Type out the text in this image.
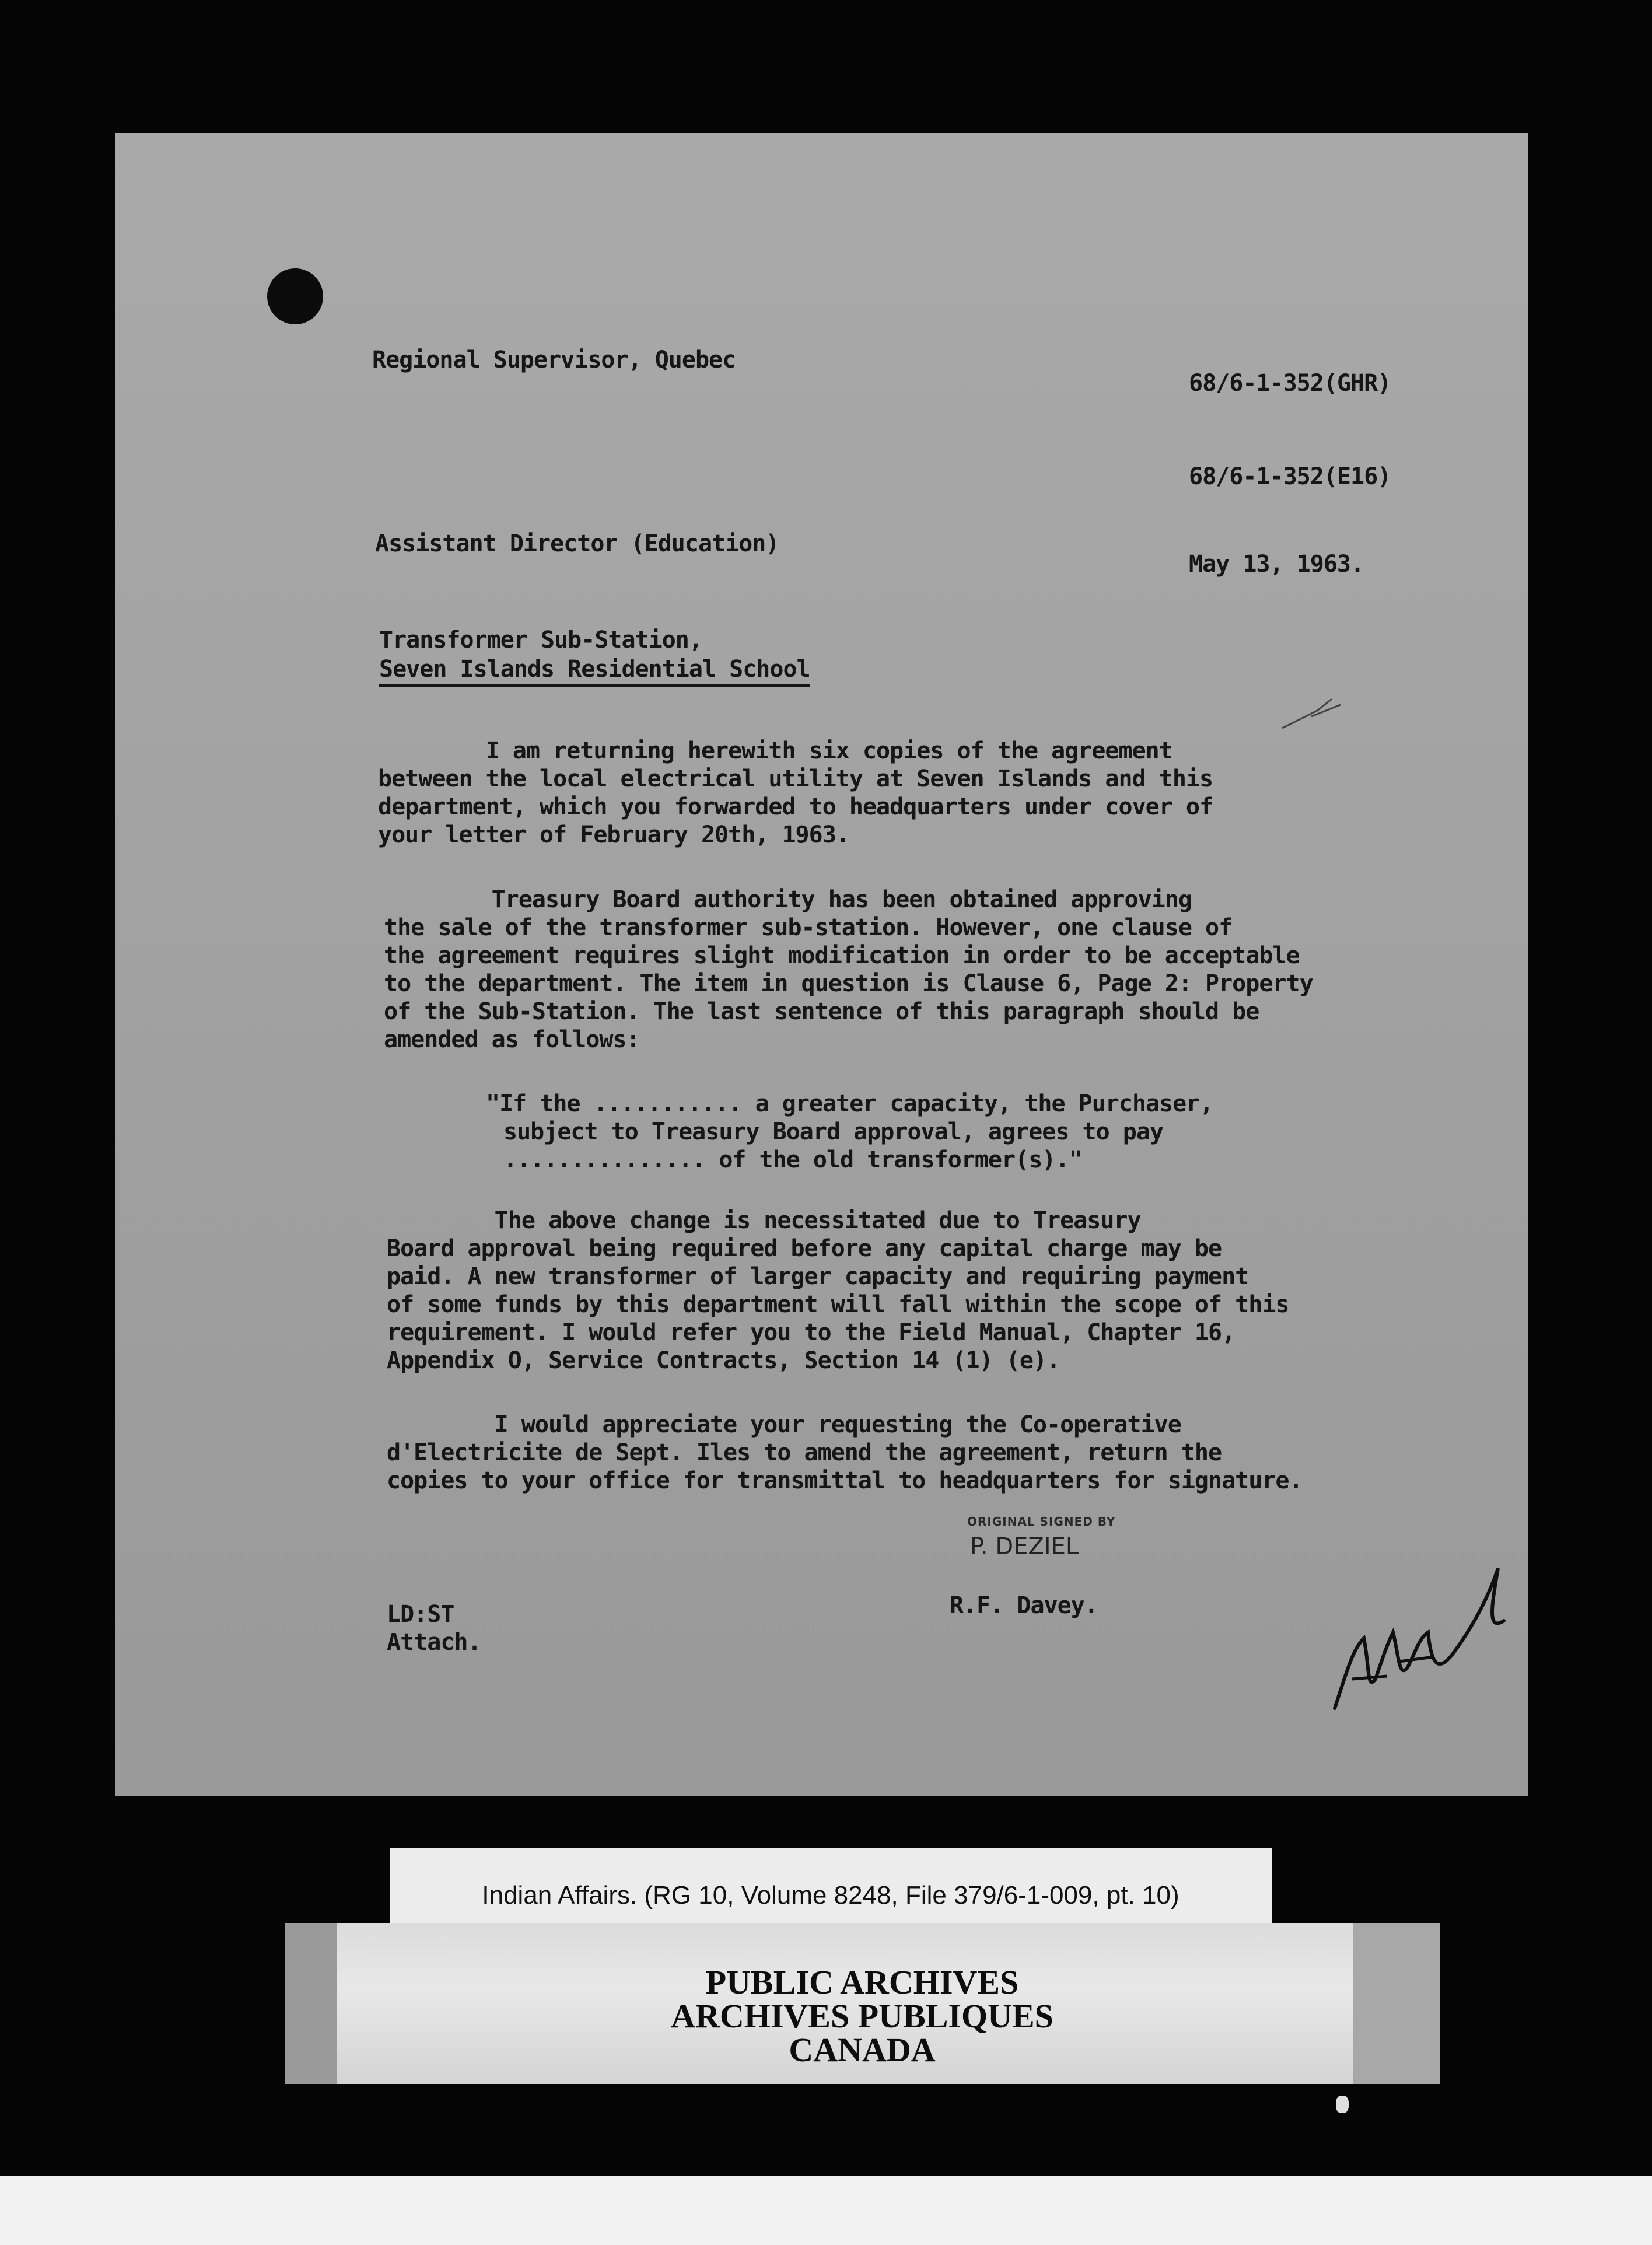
Regional Supervisor, Quebec

68/6-1-352(GHR)

68/6-1-352(E16)

Assistant Director (Education)

May 13, 1963.

Transformer Sub-Station,

Seven Islands Residential School

I am returning herewith six copies of the agreement

between the local electrical utility at Seven Islands and this

department, which you forwarded to headquarters under cover of

your letter of February 20th, 1963.

Treasury Board authority has been obtained approving

the sale of the transformer sub-station. However, one clause of

the agreement requires slight modification in order to be acceptable

to the department. The item in question is Clause 6, Page 2: Property

of the Sub-Station. The last sentence of this paragraph should be

amended as follows:

"If the ........... a greater capacity, the Purchaser,

subject to Treasury Board approval, agrees to pay

............... of the old transformer(s)."

The above change is necessitated due to Treasury

Board approval being required before any capital charge may be

paid. A new transformer of larger capacity and requiring payment

of some funds by this department will fall within the scope of this

requirement. I would refer you to the Field Manual, Chapter 16,

Appendix O, Service Contracts, Section 14 (1) (e).

I would appreciate your requesting the Co-operative

d'Electricite de Sept. Iles to amend the agreement, return the

copies to your office for transmittal to headquarters for signature.

ORIGINAL SIGNED BY

P. DEZIEL

R.F. Davey.

LD:ST

Attach.

Indian Affairs. (RG 10, Volume 8248, File 379/6-1-009, pt. 10)

PUBLIC ARCHIVES

ARCHIVES PUBLIQUES

CANADA
